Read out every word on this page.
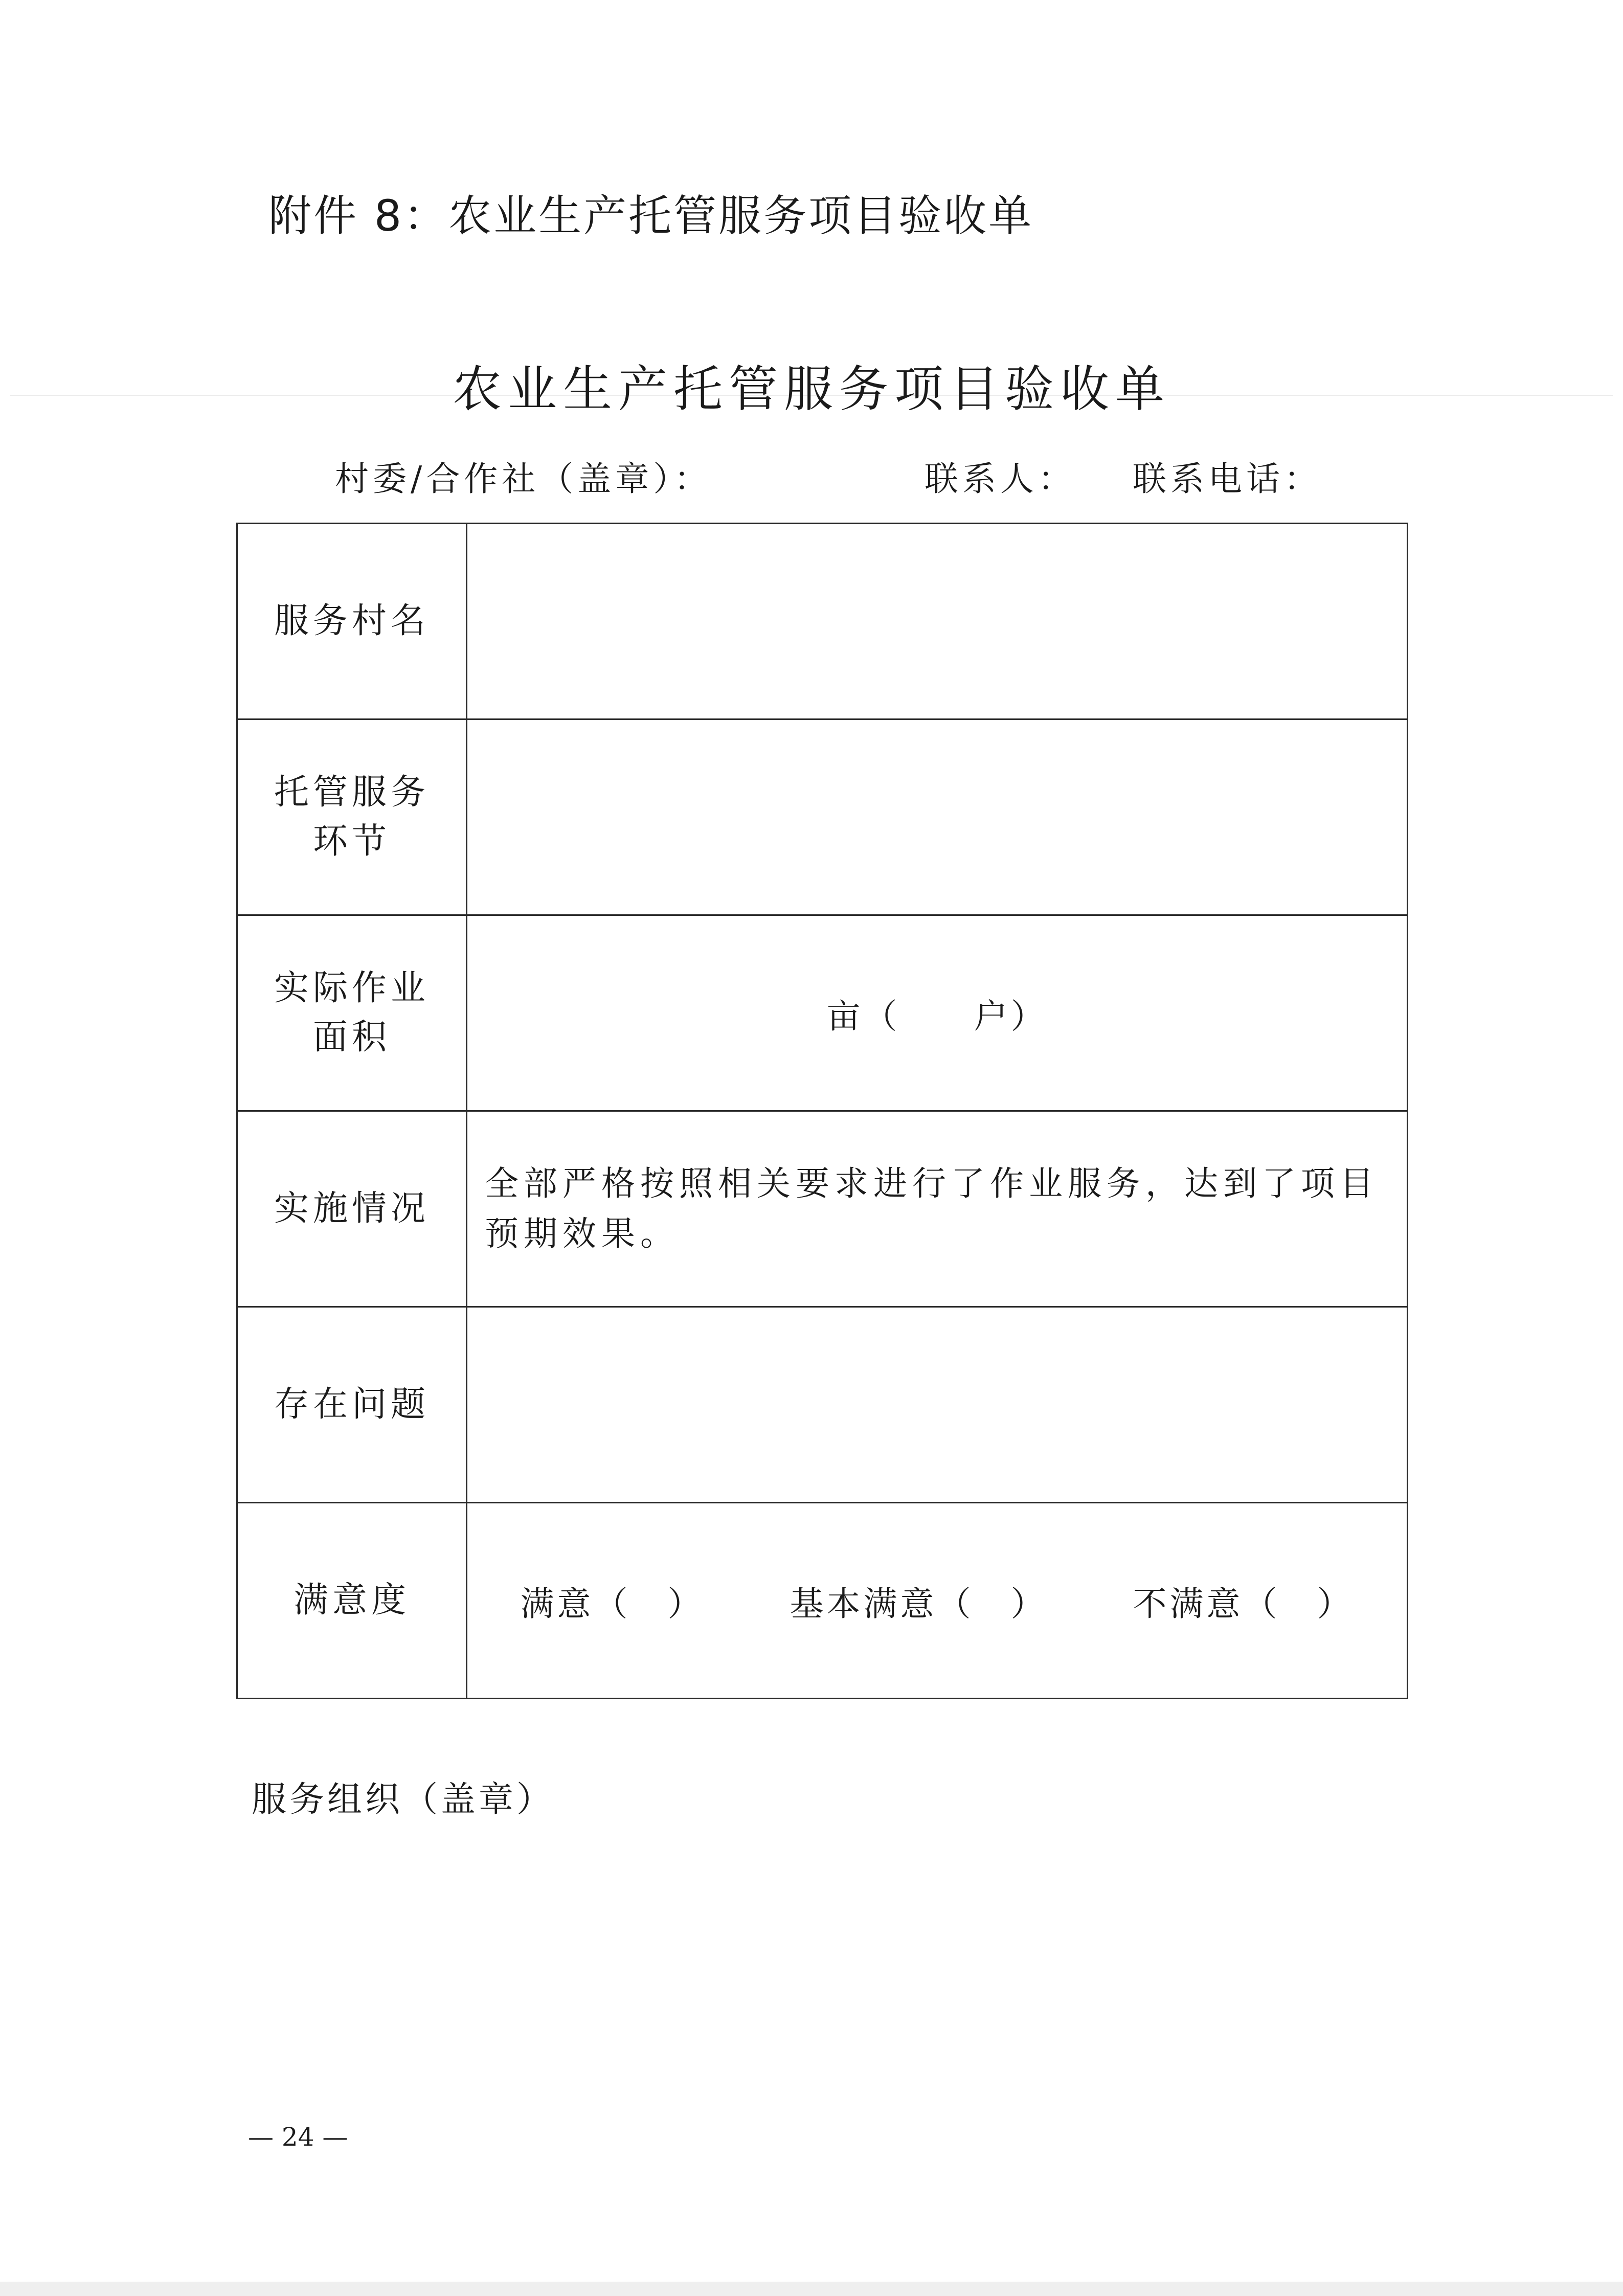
附件 8：农业生产托管服务项目验收单
农业生产托管服务项目验收单
村委/合作社（盖章）：	联系人： 联系电话：
服务村名	
托管服务
环节	
实际作业
面积	亩（　　户）
实施情况	全部严格按照相关要求进行了作业服务，达到了项目预期效果。
存在问题	
满意度	满意（　） 基本满意（　） 不满意（　）
服务组织（盖章）
— 24 —
